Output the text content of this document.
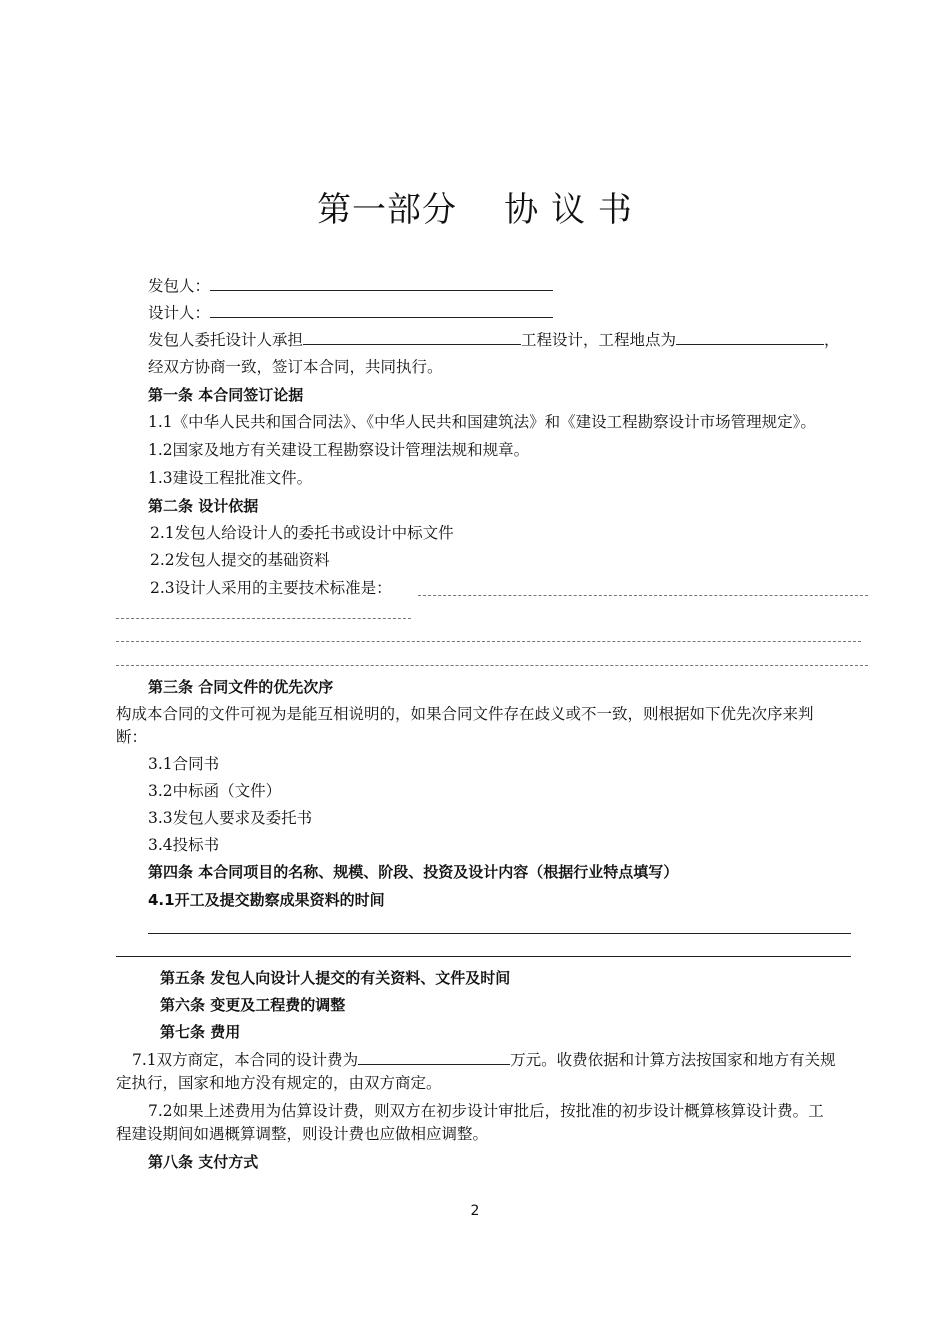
第一部分    协 议 书
发包人：
设计人：
发包人委托设计人承担	工程设计，工程地点为	，
经双方协商一致，签订本合同，共同执行。
第一条 本合同签订论据
1.1《中华人民共和国合同法》、《中华人民共和国建筑法》和《建设工程勘察设计市场管理规定》。
1.2国家及地方有关建设工程勘察设计管理法规和规章。
1.3建设工程批准文件。
第二条 设计依据
2.1发包人给设计人的委托书或设计中标文件
2.2发包人提交的基础资料
2.3设计人采用的主要技术标准是：
第三条 合同文件的优先次序
构成本合同的文件可视为是能互相说明的，如果合同文件存在歧义或不一致，则根据如下优先次序来判
断：
3.1合同书
3.2中标函（文件）
3.3发包人要求及委托书
3.4投标书
第四条 本合同项目的名称、规模、阶段、投资及设计内容（根据行业特点填写）
4.1开工及提交勘察成果资料的时间
第五条 发包人向设计人提交的有关资料、文件及时间
第六条 变更及工程费的调整
第七条 费用
7.1双方商定，本合同的设计费为	万元。收费依据和计算方法按国家和地方有关规
定执行，国家和地方没有规定的，由双方商定。
7.2如果上述费用为估算设计费，则双方在初步设计审批后，按批准的初步设计概算核算设计费。工
程建设期间如遇概算调整，则设计费也应做相应调整。
第八条 支付方式
2
